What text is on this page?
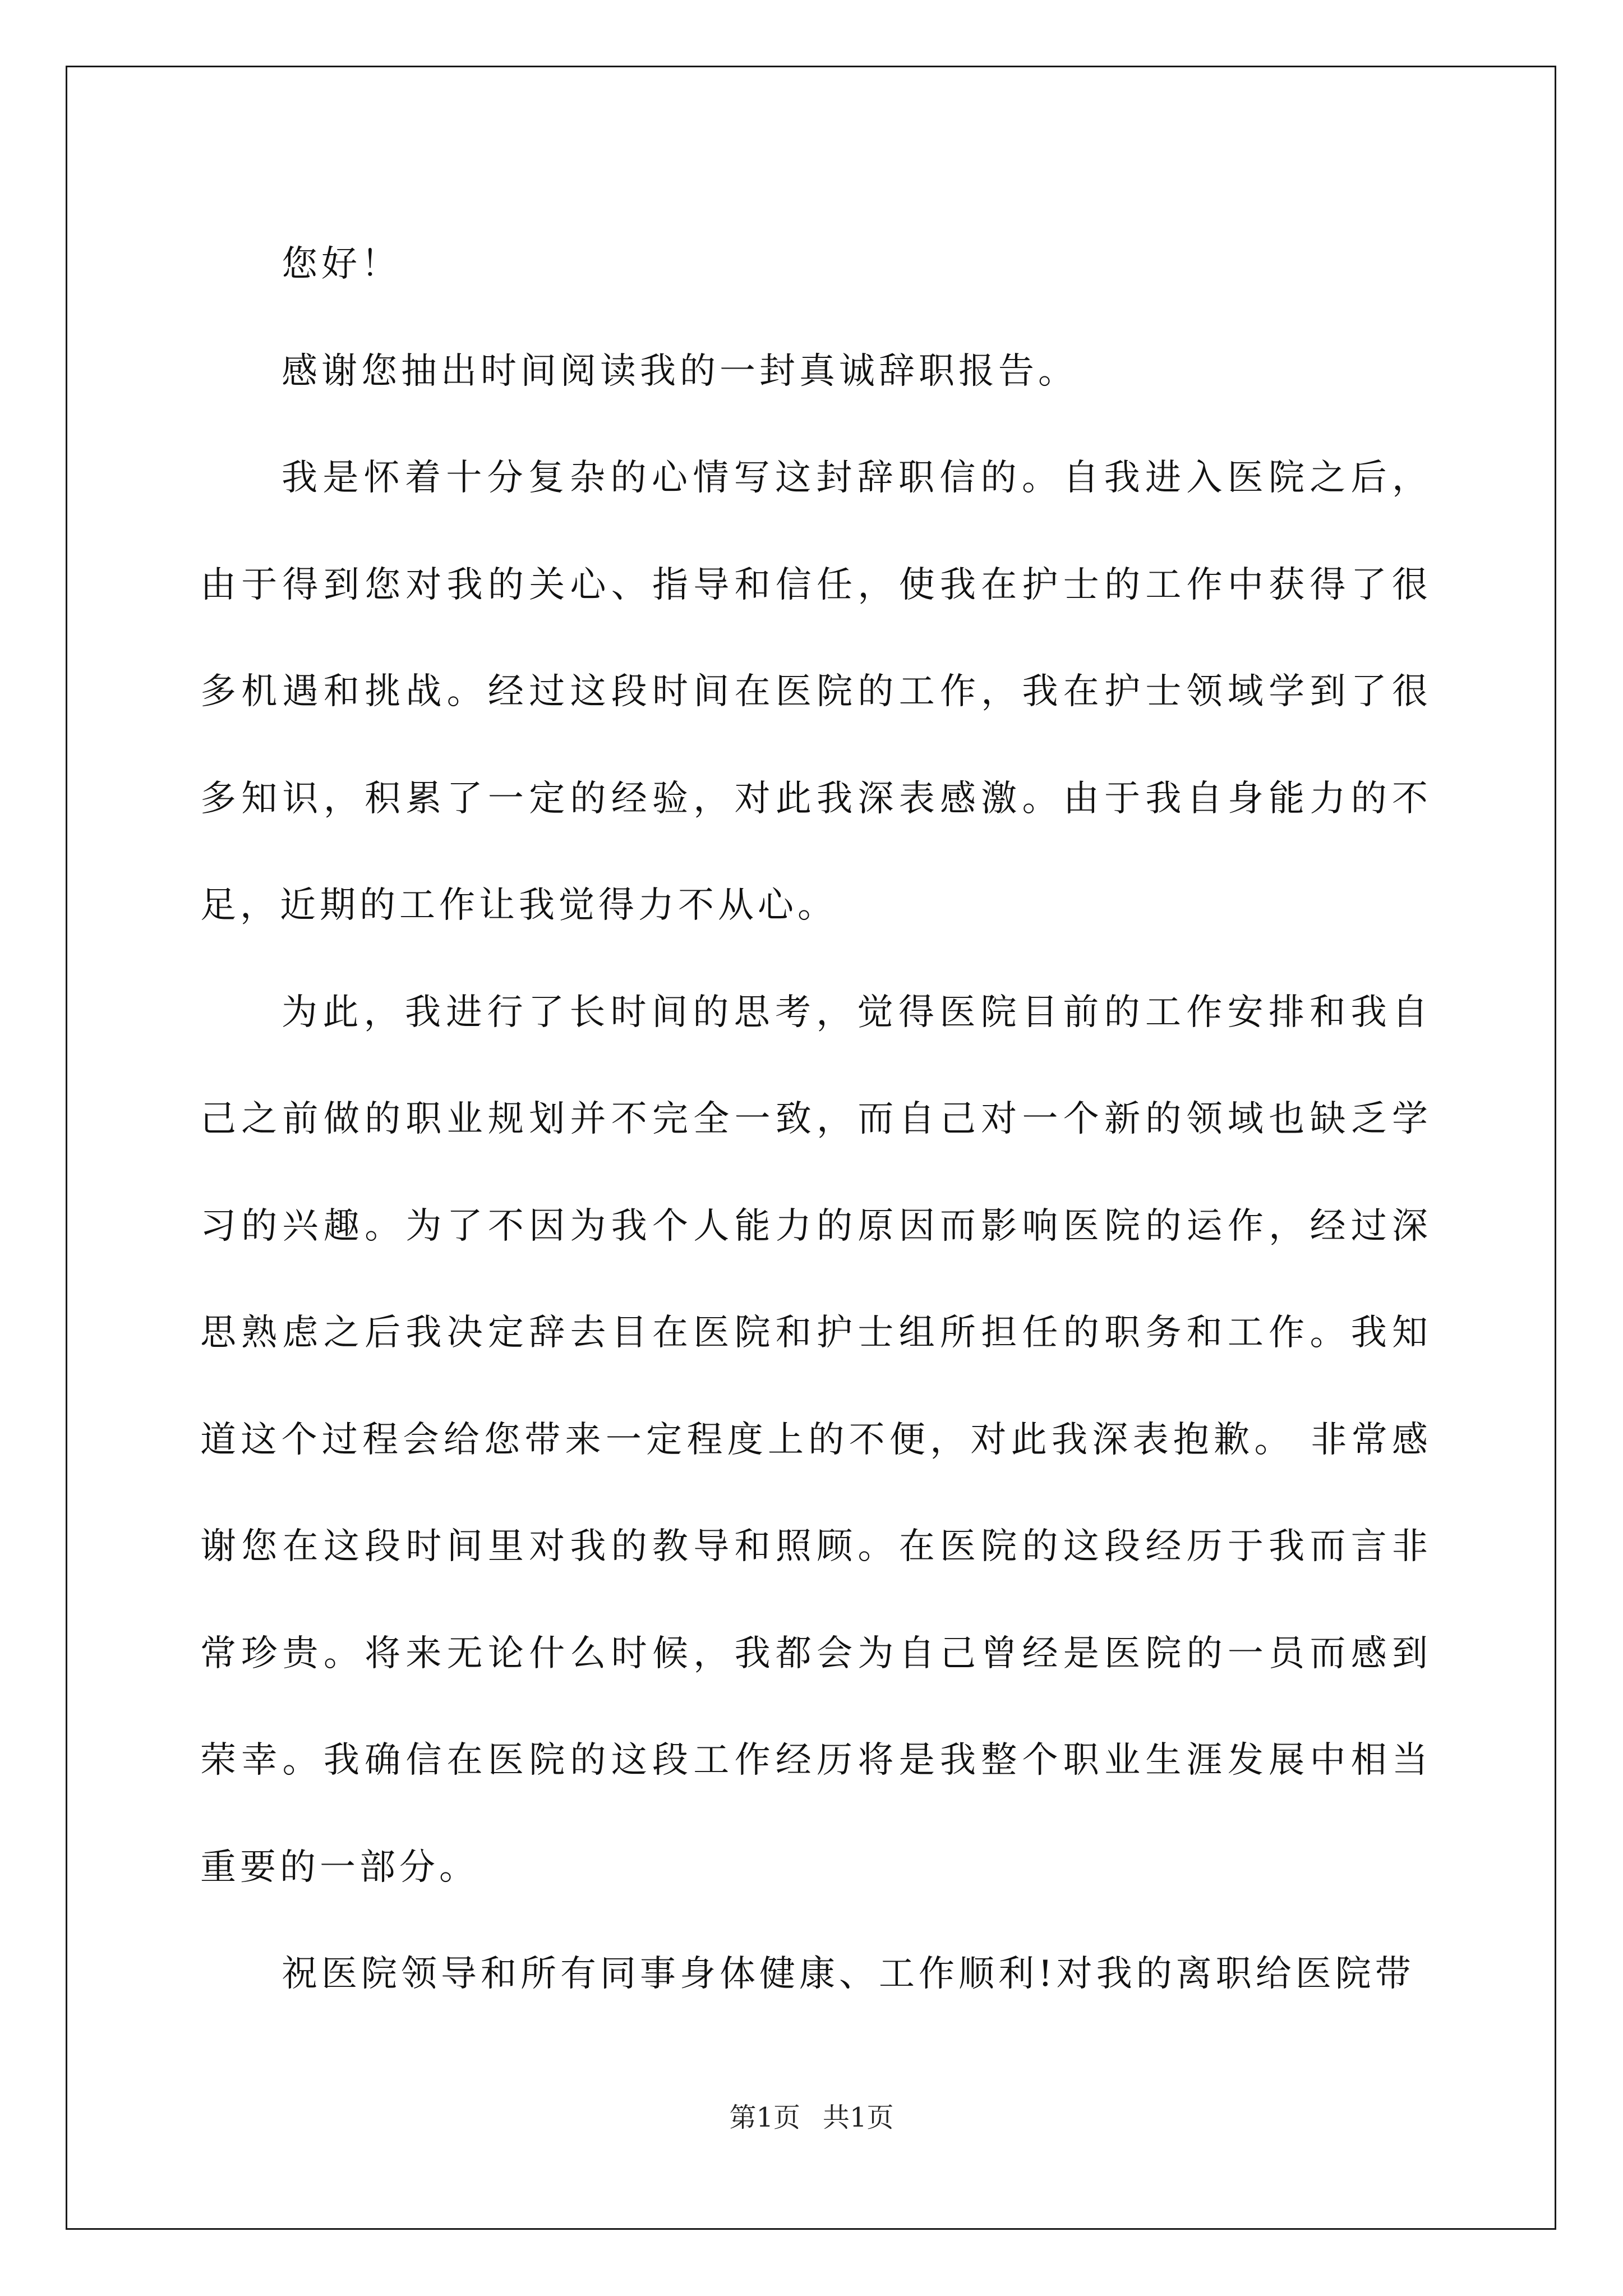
您好！

感谢您抽出时间阅读我的一封真诚辞职报告。

我是怀着十分复杂的心情写这封辞职信的。自我进入医院之后，由于得到您对我的关心、指导和信任，使我在护士的工作中获得了很多机遇和挑战。经过这段时间在医院的工作，我在护士领域学到了很多知识，积累了一定的经验，对此我深表感激。由于我自身能力的不足，近期的工作让我觉得力不从心。

为此，我进行了长时间的思考，觉得医院目前的工作安排和我自己之前做的职业规划并不完全一致，而自己对一个新的领域也缺乏学习的兴趣。为了不因为我个人能力的原因而影响医院的运作，经过深思熟虑之后我决定辞去目在医院和护士组所担任的职务和工作。我知道这个过程会给您带来一定程度上的不便，对此我深表抱歉。 非常感谢您在这段时间里对我的教导和照顾。在医院的这段经历于我而言非常珍贵。将来无论什么时候，我都会为自己曾经是医院的一员而感到荣幸。我确信在医院的这段工作经历将是我整个职业生涯发展中相当重要的一部分。

祝医院领导和所有同事身体健康、工作顺利!对我的离职给医院带

第1页 共1页
